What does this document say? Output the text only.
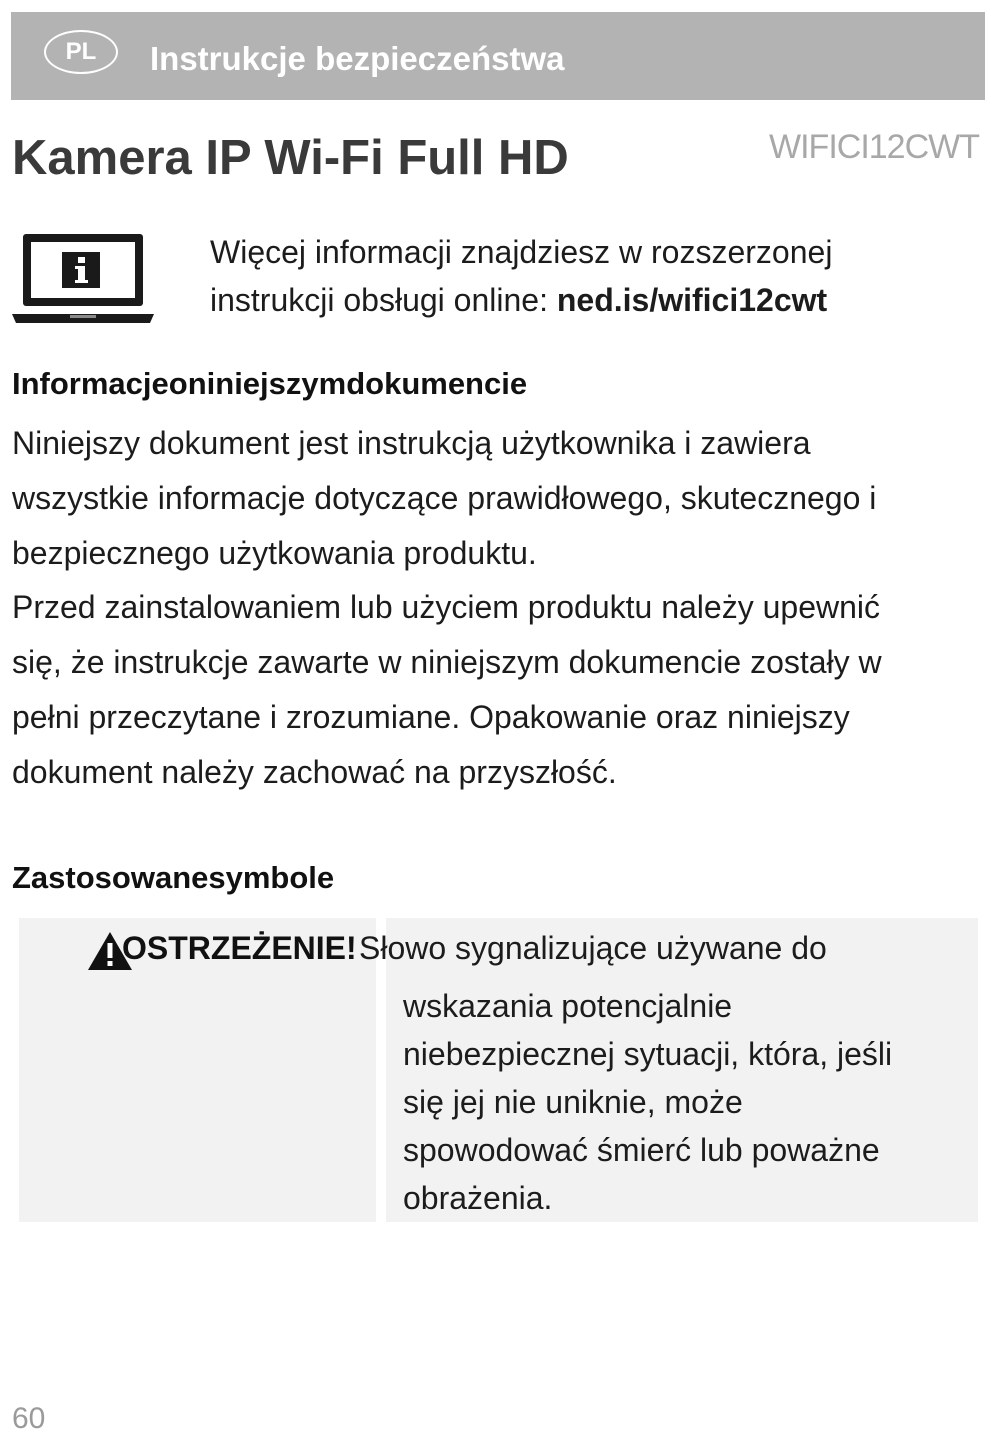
PL	Instrukcje bezpieczeństwa
Kamera IP Wi-Fi Full HD	WIFICI12CWT
Więcej informacji znajdziesz w rozszerzonej
instrukcji obsługi online: ned.is/wifici12cwt
Informacjeoniniejszymdokumencie
Niniejszy dokument jest instrukcją użytkownika i zawiera
wszystkie informacje dotyczące prawidłowego, skutecznego i
bezpiecznego użytkowania produktu.
Przed zainstalowaniem lub użyciem produktu należy upewnić
się, że instrukcje zawarte w niniejszym dokumencie zostały w
pełni przeczytane i zrozumiane. Opakowanie oraz niniejszy
dokument należy zachować na przyszłość.
Zastosowanesymbole
OSTRZEŻENIE! Słowo sygnalizujące używane do
wskazania potencjalnie
niebezpiecznej sytuacji, która, jeśli
się jej nie uniknie, może
spowodować śmierć lub poważne
obrażenia.
60
